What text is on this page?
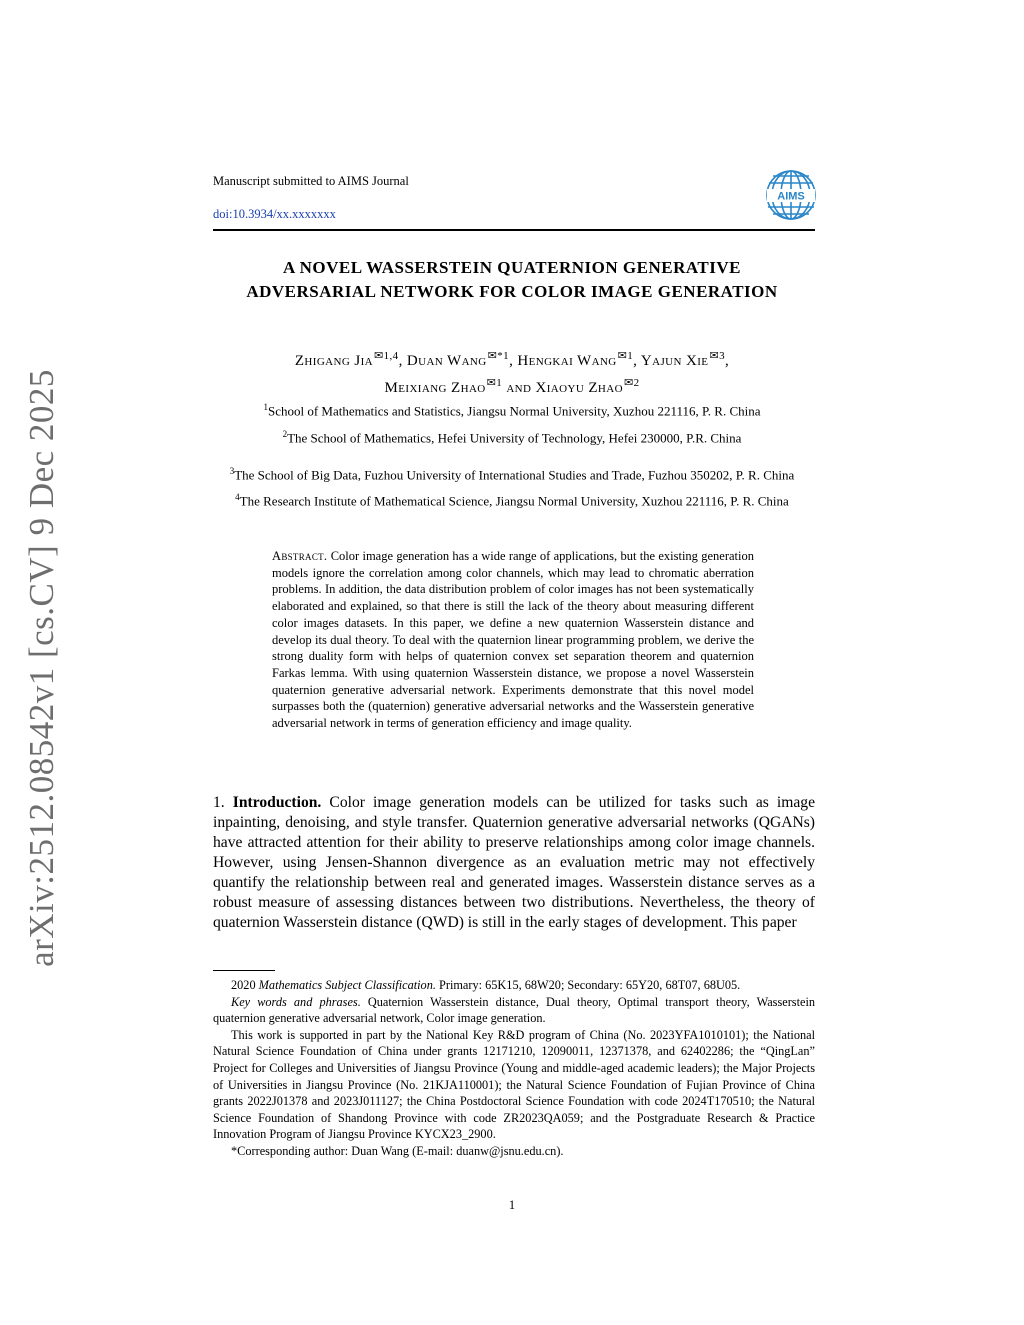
arXiv:2512.08542v1 [cs.CV] 9 Dec 2025
Manuscript submitted to AIMS Journal
doi:10.3934/xx.xxxxxxx
AIMS
A NOVEL WASSERSTEIN QUATERNION GENERATIVE
ADVERSARIAL NETWORK FOR COLOR IMAGE GENERATION
Zhigang Jia$^{✉1,4}$, Duan Wang$^{✉*1}$, Hengkai Wang$^{✉1}$, Yajun Xie$^{✉3}$,
Meixiang Zhao$^{✉1}$ and Xiaoyu Zhao$^{✉2}$
$^1$School of Mathematics and Statistics, Jiangsu Normal University, Xuzhou 221116, P. R. China
$^2$The School of Mathematics, Hefei University of Technology, Hefei 230000, P.R. China
$^3$The School of Big Data, Fuzhou University of International Studies and Trade, Fuzhou 350202, P. R. China
$^4$The Research Institute of Mathematical Science, Jiangsu Normal University, Xuzhou 221116, P. R. China
Abstract. Color image generation has a wide range of applications, but the existing generation models ignore the correlation among color channels, which may lead to chromatic aberration problems. In addition, the data distribution problem of color images has not been systematically elaborated and explained, so that there is still the lack of the theory about measuring different color images datasets. In this paper, we define a new quaternion Wasserstein distance and develop its dual theory. To deal with the quaternion linear programming problem, we derive the strong duality form with helps of quaternion convex set separation theorem and quaternion Farkas lemma. With using quaternion Wasserstein distance, we propose a novel Wasserstein quaternion generative adversarial network. Experiments demonstrate that this novel model surpasses both the (quaternion) generative adversarial networks and the Wasserstein generative adversarial network in terms of generation efficiency and image quality.
1. Introduction. Color image generation models can be utilized for tasks such as image inpainting, denoising, and style transfer. Quaternion generative adversarial networks (QGANs) have attracted attention for their ability to preserve relationships among color image channels. However, using Jensen-Shannon divergence as an evaluation metric may not effectively quantify the relationship between real and generated images. Wasserstein distance serves as a robust measure of assessing distances between two distributions. Nevertheless, the theory of quaternion Wasserstein distance (QWD) is still in the early stages of development. This paper

2020 Mathematics Subject Classification. Primary: 65K15, 68W20; Secondary: 65Y20, 68T07, 68U05.

Key words and phrases. Quaternion Wasserstein distance, Dual theory, Optimal transport theory, Wasserstein quaternion generative adversarial network, Color image generation.

This work is supported in part by the National Key R&D program of China (No. 2023YFA1010101); the National Natural Science Foundation of China under grants 12171210, 12090011, 12371378, and 62402286; the “QingLan” Project for Colleges and Universities of Jiangsu Province (Young and middle-aged academic leaders); the Major Projects of Universities in Jiangsu Province (No. 21KJA110001); the Natural Science Foundation of Fujian Province of China grants 2022J01378 and 2023J011127; the China Postdoctoral Science Foundation with code 2024T170510; the Natural Science Foundation of Shandong Province with code ZR2023QA059; and the Postgraduate Research & Practice Innovation Program of Jiangsu Province KYCX23_2900.

*Corresponding author: Duan Wang (E-mail: duanw@jsnu.edu.cn).

1
